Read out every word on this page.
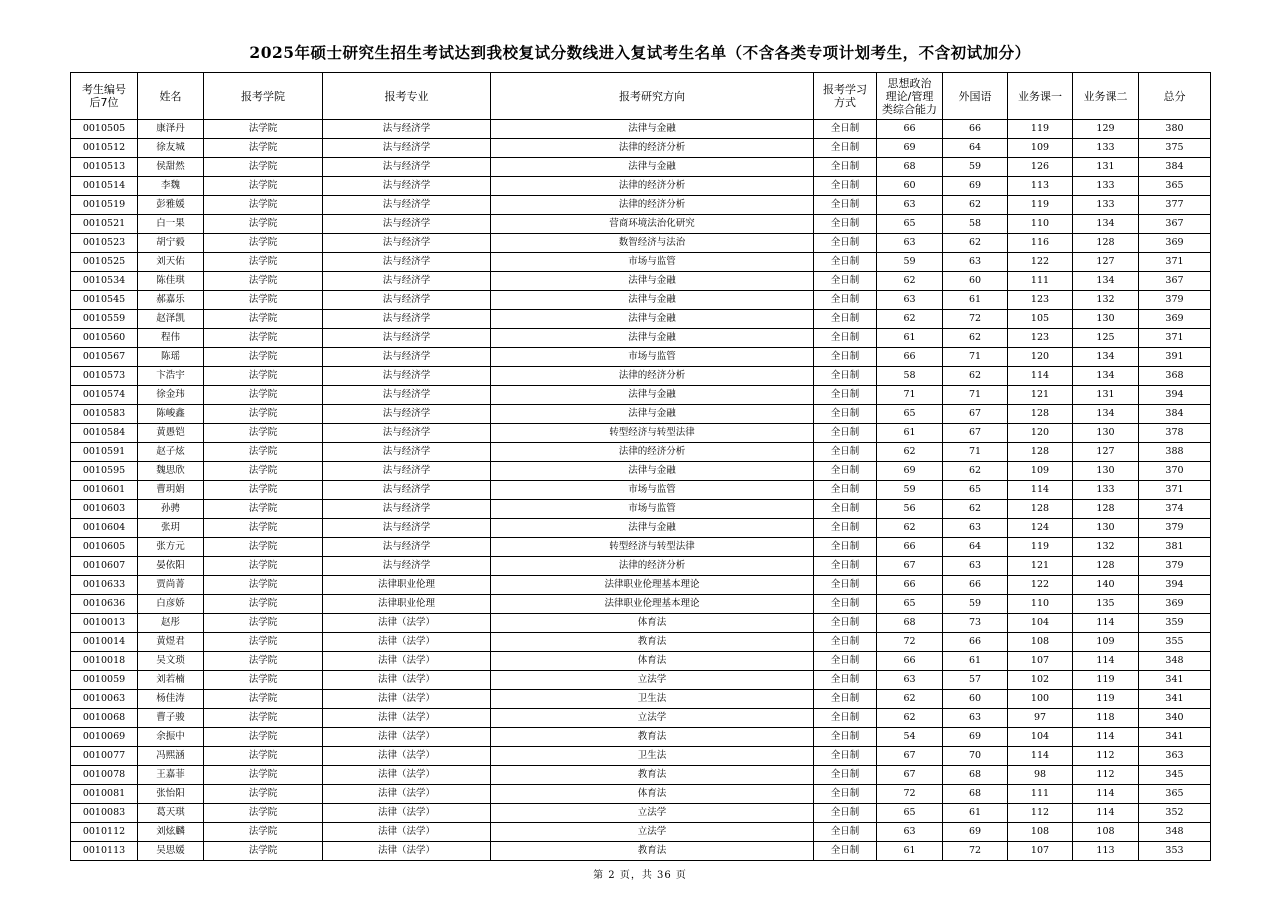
2025年硕士研究生招生考试达到我校复试分数线进入复试考生名单（不含各类专项计划考生，不含初试加分）
考生编号
后7位	姓名	报考学院	报考专业	报考研究方向	报考学习
方式	思想政治
理论/管理
类综合能力	外国语	业务课一	业务课二	总分
0010505	康泽丹	法学院	法与经济学	法律与金融	全日制	66	66	119	129	380
0010512	徐友城	法学院	法与经济学	法律的经济分析	全日制	69	64	109	133	375
0010513	侯甜然	法学院	法与经济学	法律与金融	全日制	68	59	126	131	384
0010514	李魏	法学院	法与经济学	法律的经济分析	全日制	60	69	113	133	365
0010519	彭雅媛	法学院	法与经济学	法律的经济分析	全日制	63	62	119	133	377
0010521	白一果	法学院	法与经济学	营商环境法治化研究	全日制	65	58	110	134	367
0010523	胡宁毅	法学院	法与经济学	数智经济与法治	全日制	63	62	116	128	369
0010525	刘天佑	法学院	法与经济学	市场与监管	全日制	59	63	122	127	371
0010534	陈佳琪	法学院	法与经济学	法律与金融	全日制	62	60	111	134	367
0010545	郝嘉乐	法学院	法与经济学	法律与金融	全日制	63	61	123	132	379
0010559	赵泽凯	法学院	法与经济学	法律与金融	全日制	62	72	105	130	369
0010560	程伟	法学院	法与经济学	法律与金融	全日制	61	62	123	125	371
0010567	陈瑶	法学院	法与经济学	市场与监管	全日制	66	71	120	134	391
0010573	卞浩宇	法学院	法与经济学	法律的经济分析	全日制	58	62	114	134	368
0010574	徐金玮	法学院	法与经济学	法律与金融	全日制	71	71	121	131	394
0010583	陈峻鑫	法学院	法与经济学	法律与金融	全日制	65	67	128	134	384
0010584	黄愚铠	法学院	法与经济学	转型经济与转型法律	全日制	61	67	120	130	378
0010591	赵子炫	法学院	法与经济学	法律的经济分析	全日制	62	71	128	127	388
0010595	魏思欣	法学院	法与经济学	法律与金融	全日制	69	62	109	130	370
0010601	曹玥娟	法学院	法与经济学	市场与监管	全日制	59	65	114	133	371
0010603	孙骋	法学院	法与经济学	市场与监管	全日制	56	62	128	128	374
0010604	张玥	法学院	法与经济学	法律与金融	全日制	62	63	124	130	379
0010605	张方元	法学院	法与经济学	转型经济与转型法律	全日制	66	64	119	132	381
0010607	晏依阳	法学院	法与经济学	法律的经济分析	全日制	67	63	121	128	379
0010633	贾尚菁	法学院	法律职业伦理	法律职业伦理基本理论	全日制	66	66	122	140	394
0010636	白彦娇	法学院	法律职业伦理	法律职业伦理基本理论	全日制	65	59	110	135	369
0010013	赵彤	法学院	法律（法学）	体育法	全日制	68	73	104	114	359
0010014	黄煜君	法学院	法律（法学）	教育法	全日制	72	66	108	109	355
0010018	吴文琐	法学院	法律（法学）	体育法	全日制	66	61	107	114	348
0010059	刘若楠	法学院	法律（法学）	立法学	全日制	63	57	102	119	341
0010063	杨佳涛	法学院	法律（法学）	卫生法	全日制	62	60	100	119	341
0010068	曹子骏	法学院	法律（法学）	立法学	全日制	62	63	97	118	340
0010069	余振中	法学院	法律（法学）	教育法	全日制	54	69	104	114	341
0010077	冯熙涵	法学院	法律（法学）	卫生法	全日制	67	70	114	112	363
0010078	王嘉菲	法学院	法律（法学）	教育法	全日制	67	68	98	112	345
0010081	张怡阳	法学院	法律（法学）	体育法	全日制	72	68	111	114	365
0010083	葛天琪	法学院	法律（法学）	立法学	全日制	65	61	112	114	352
0010112	刘炫麟	法学院	法律（法学）	立法学	全日制	63	69	108	108	348
0010113	吴思媛	法学院	法律（法学）	教育法	全日制	61	72	107	113	353
第 2 页，共 36 页
